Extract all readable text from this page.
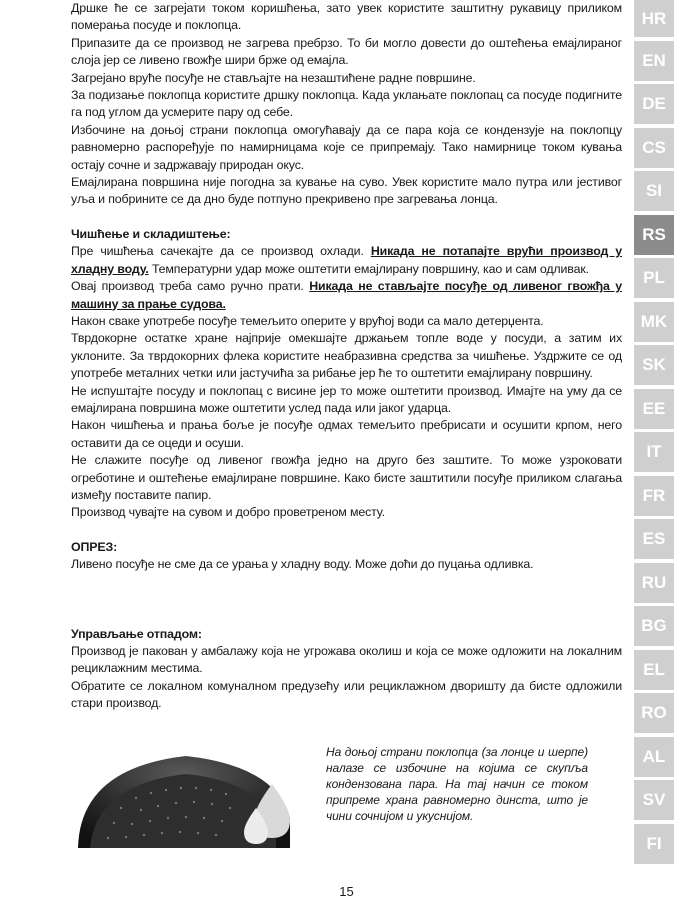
Дршке ће се загрејати током коришћења, зато увек користите заштитну рукавицу приликом померања посуде и поклопца.

Припазите да се производ не загрева пребрзо. То би могло довести до оштећења емајлираног слоја јер се ливено гвожђе шири брже од емајла.

Загрејано вруће посуђе не стављајте на незаштићене радне површине.

За подизање поклопца користите дршку поклопца. Када уклањате поклопац са посуде подигните га под углом да усмерите пару од себе.

Избочине на доњој страни поклопца омогућавају да се пара која се кондензује на поклопцу равномерно распоређује по намирницама које се припремају. Тако намирнице током кувања остају сочне и задржавају природан окус.

Емајлирана површина није погодна за кување на суво. Увек користите мало путра или јестивог уља и побрините се да дно буде потпуно прекривено пре загревања лонца.

Чишћење и складиштење:

Пре чишћења сачекајте да се производ охлади. Никада не потапајте врући производ у хладну воду. Температурни удар може оштетити емајлирану површину, као и сам одливак.

Овај производ треба само ручно прати. Никада не стављајте посуђе од ливеног гвожђа у машину за прање судова.

Након сваке употребе посуђе темељито оперите у врућој води са мало детерџента.

Тврдокорне остатке хране најприје омекшајте држањем топле воде у посуди, а затим их уклоните. За тврдокорних флека користите неабразивна средства за чишћење. Уздржите се од употребе металних четки или јастучића за рибање јер ће то оштетити емајлирану површину.

Не испуштајте посуду и поклопац с висине јер то може оштетити производ. Имајте на уму да се емајлирана површина може оштетити услед пада или јаког ударца.

Након чишћења и прања боље је посуђе одмах темељито пребрисати и осушити крпом, него оставити да се оцеди и осуши.

Не слажите посуђе од ливеног гвожђа једно на друго без заштите. То може узроковати огреботине и оштећење емајлиране површине. Како бисте заштитили посуђе приликом слагања између поставите папир.

Производ чувајте на сувом и добро проветреном месту.

ОПРЕЗ:

Ливено посуђе не сме да се урања у хладну воду. Може доћи до пуцања одливка.

Управљање отпадом:

Производ је пакован у амбалажу која не угрожава околиш и која се може одложити на локалним рециклажним местима.

Обратите се локалном комуналном предузећу или рециклажном дворишту да бисте одложили стари производ.

HR
EN
DE
CS
SI
RS
PL
MK
SK
EE
IT
FR
ES
RU
BG
EL
RO
AL
SV
FI
На доњој страни поклопца (за лонце и шерпе) налазе се избочине на којима се скупља кондензована пара. На тај начин се током припреме храна равномерно динста, што је чини сочнијом и укуснијом.
15
